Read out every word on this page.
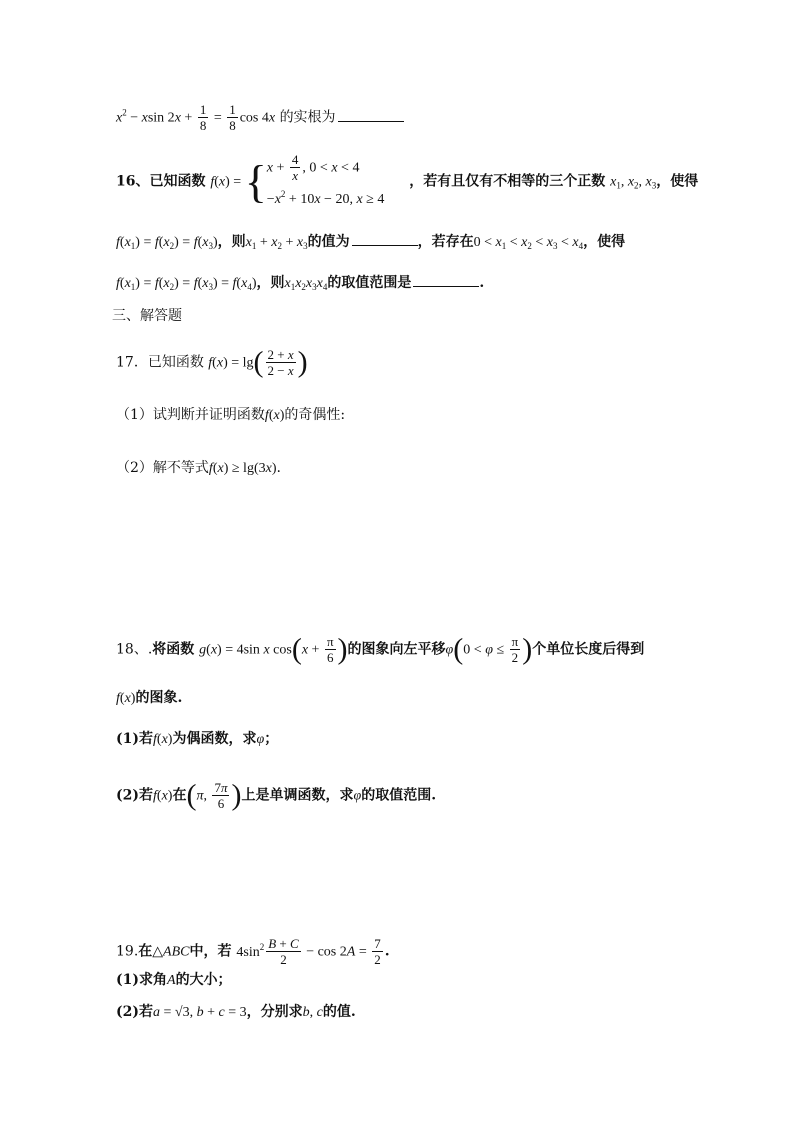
$x^2 - xsin$ $2x + \frac{1}{8} = \frac{1}{8}$ cos 4x 的实根为
16、已知函数 f(x) = { $x + \frac{4}{x}$ , 0 < x < 4
$-x^2 + 10x - 20$, x ≥ 4
，若有且仅有不相等的三个正数 $x_1$, $x_2$, $x_3$，使得
$f(x_1) = f(x_2) = f(x_3)$，则$x_1 + x_2 + x_3$的值为	，若存在$0 < x_1 < x_2 < x_3 < x_4$，使得
$f(x_1) = f(x_2) = f(x_3) = f(x_4)$，则$x_1x_2x_3x_4$的取值范围是	.
三、解答题
17．已知函数 $f(x) = \lg( \frac{2 + x}{2 - x}$ )
（1）试判断并证明函数f(x)的奇偶性:
（2）解不等式f(x) ≥ lg(3x).
18、.将函数 g(x) = 4sin x $\cos(x + \frac{\pi}{6}$ )的图象向左平移$\varphi(0 < \varphi \le \frac{\pi}{2}$ )个单位长度后得到
f(x)的图象.
(1)若f(x)为偶函数，求φ；
(2)若f(x)在(π, $\frac{7\pi}{6}$ )上是单调函数，求φ的取值范围.
19.在△ABC中，若 $4\sin^2 \frac{B + C}{2} - \cos 2A = \frac{7}{2}$ .
(1)求角A的大小；
(2)若a = √3, b + c = 3，分别求b, c的值.
